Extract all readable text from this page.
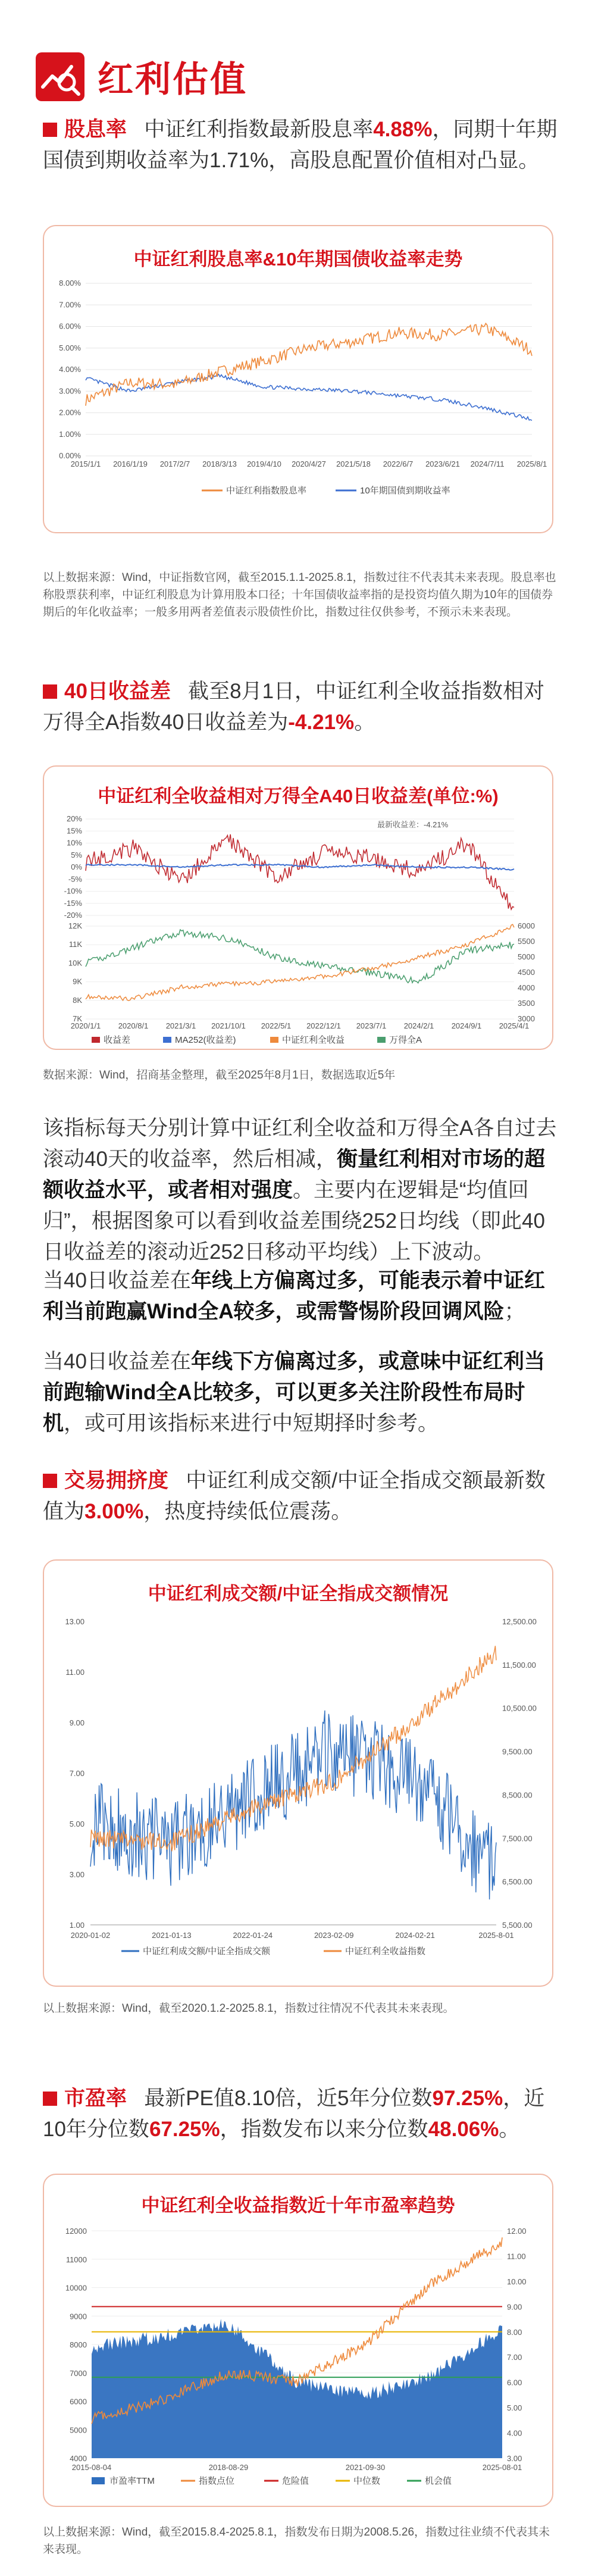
红利估值
股息率 中证红利指数最新股息率4.88%，同期十年期国债到期收益率为1.71%，高股息配置价值相对凸显。
中证红利股息率&10年期国债收益率走势
0.00%
1.00%
2.00%
3.00%
4.00%
5.00%
6.00%
7.00%
8.00%
2015/1/1 2016/1/19 2017/2/7 2018/3/13 2019/4/10 2020/4/27 2021/5/18 2022/6/7 2023/6/21 2024/7/11 2025/8/1
中证红利指数股息率	10年期国债到期收益率
以上数据来源：Wind，中证指数官网，截至2015.1.1-2025.8.1，指数过往不代表其未来表现。股息率也称股票获利率，中证红利股息为计算用股本口径；十年国债收益率指的是投资均值久期为10年的国债券期后的年化收益率；一般多用两者差值表示股债性价比，指数过往仅供参考，不预示未来表现。
40日收益差 截至8月1日，中证红利全收益指数相对万得全A指数40日收益差为-4.21%。
中证红利全收益相对万得全A40日收益差(单位:%)
20%
15%
10%
5%
0%
-5%
-10%
-15%
-20%
最新收益差：-4.21%
7K
8K
9K
10K
11K
12K
3000
3500
4000
4500
5000
5500
6000
2020/1/1 2020/8/1 2021/3/1 2021/10/1 2022/5/1 2022/12/1 2023/7/1 2024/2/1 2024/9/1 2025/4/1
收益差	MA252(收益差)	中证红利全收益	万得全A
数据来源：Wind，招商基金整理，截至2025年8月1日，数据选取近5年
该指标每天分别计算中证红利全收益和万得全A各自过去滚动40天的收益率，然后相减，衡量红利相对市场的超额收益水平，或者相对强度。主要内在逻辑是“均值回归”，根据图象可以看到收益差围绕252日均线（即此40日收益差的滚动近252日移动平均线）上下波动。
当40日收益差在年线上方偏离过多，可能表示着中证红利当前跑赢Wind全A较多，或需警惕阶段回调风险；
当40日收益差在年线下方偏离过多，或意味中证红利当前跑输Wind全A比较多，可以更多关注阶段性布局时机，或可用该指标来进行中短期择时参考。
交易拥挤度 中证红利成交额/中证全指成交额最新数值为3.00%，热度持续低位震荡。
中证红利成交额/中证全指成交额情况
1.00
3.00
5.00
7.00
9.00
11.00
13.00
5,500.00
6,500.00
7,500.00
8,500.00
9,500.00
10,500.00
11,500.00
12,500.00
2020-01-02	2021-01-13	2022-01-24	2023-02-09	2024-02-21	2025-8-01
中证红利成交额/中证全指成交额	中证红利全收益指数
以上数据来源：Wind，截至2020.1.2-2025.8.1，指数过往情况不代表其未来表现。
市盈率 最新PE值8.10倍，近5年分位数97.25%，近10年分位数67.25%，指数发布以来分位数48.06%。
中证红利全收益指数近十年市盈率趋势
4000
5000
6000
7000
8000
9000
10000
11000
12000
3.00
4.00
5.00
6.00
7.00
8.00
9.00
10.00
11.00
12.00
2015-08-04	2018-08-29	2021-09-30	2025-08-01
市盈率TTM	指数点位	危险值	中位数	机会值
以上数据来源：Wind，截至2015.8.4-2025.8.1，指数发布日期为2008.5.26，指数过往业绩不代表其未来表现。
